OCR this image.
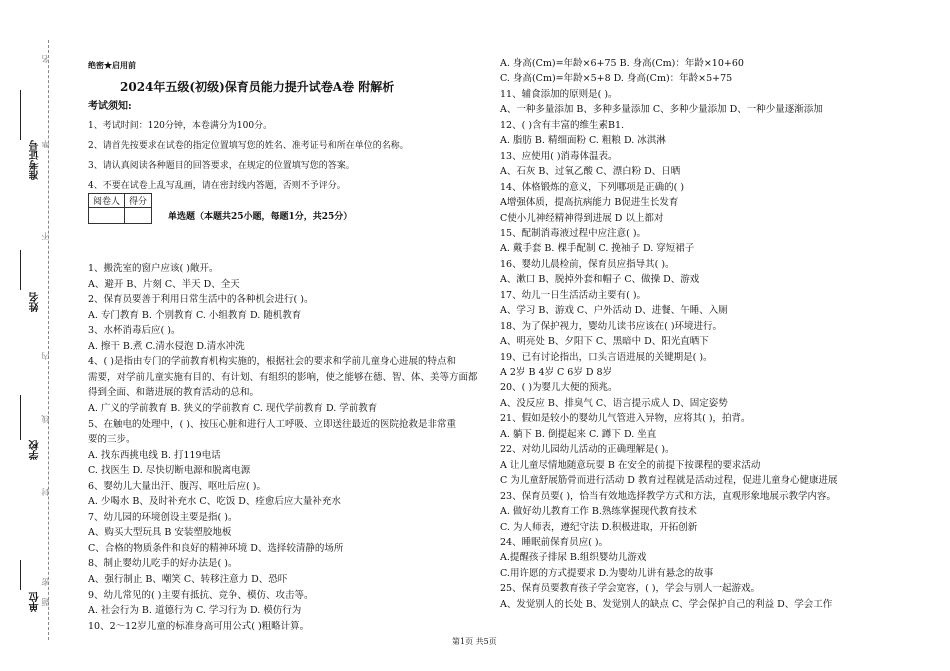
名
準
不
内
线
封
密
题
准考证号
姓名
学校
单位
绝密★启用前
2024年五级(初级)保育员能力提升试卷A卷 附解析
考试须知:
1、考试时间：120分钟，本卷满分为100分。
2、请首先按要求在试卷的指定位置填写您的姓名、准考证号和所在单位的名称。
3、请认真阅读各种题目的回答要求，在规定的位置填写您的答案。
4、不要在试卷上乱写乱画，请在密封线内答题，否则不予评分。
阅卷人	得分

单选题（本题共25小题，每题1分，共25分）
1、搬洗室的窗户应该( )敞开。
A、避开 B、片刻 C、半天 D、全天
2、保育员要善于利用日常生活中的各种机会进行( )。
A. 专门教育 B. 个别教育 C. 小组教育 D. 随机教育
3、水杯消毒后应( )。
A. 擦干 B.煮 C.清水侵泡 D.清水冲洗
4、( )是指由专门的学前教育机构实施的，根据社会的要求和学前儿童身心进展的特点和
需要，对学前儿童实施有目的、有计划、有组织的影响，使之能够在德、智、体、美等方面都
得到全面、和谐进展的教育活动的总和。
A. 广义的学前教育 B. 狭义的学前教育 C. 现代学前教育 D. 学前教育
5、在触电的处理中，( )、按压心脏和进行人工呼吸、立即送往最近的医院抢救是非常重
要的三步。
A. 找东西挑电线 B. 打119电话
C. 找医生 D. 尽快切断电源和脱离电源
6、婴幼儿大量出汗、腹泻、呕吐后应( )。
A. 少喝水 B、及时补充水 C、吃饭 D、痊愈后应大量补充水
7、幼儿园的环境创设主要是指( )。
A、购买大型玩具 B 安装塑胶地板
C、合格的物质条件和良好的精神环境 D、选择较清静的场所
8、制止婴幼儿吃手的好办法是( )。
A、强行制止 B、嘲笑 C、转移注意力 D、恐吓
9、幼儿常见的( )主要有抵抗、竞争、模仿、攻击等。
A. 社会行为 B. 道德行为 C. 学习行为 D. 模仿行为
10、2～12岁儿童的标准身高可用公式( )粗略计算。
A. 身高(Cm)=年龄×6+75 B. 身高(Cm)：年龄×10+60
C. 身高(Cm)=年龄×5+8 D. 身高(Cm)：年龄×5+75
11、辅食添加的原则是( )。
A、一种多量添加 B、多种多量添加 C、多种少量添加 D、一种少量逐渐添加
12、( )含有丰富的维生素B1.
A. 脂肪 B. 精细面粉 C. 粗粮 D. 冰淇淋
13、应使用( )消毒体温表。
A、石灰 B、过氧乙酸 C、漂白粉 D、日晒
14、体格锻炼的意义，下列哪项是正确的( )
A增强体质，提高抗病能力 B促进生长发育
C使小儿神经精神得到进展 D 以上都对
15、配制消毒液过程中应注意( )。
A. 戴手套 B. 棵手配制 C. 挽袖子 D. 穿短裙子
16、婴幼儿晨检前，保育员应指导其( )。
A、漱口 B、脱掉外套和帽子 C、做操 D、游戏
17、幼儿一日生活活动主要有( )。
A、学习 B、游戏 C、户外活动 D、进餐、午睡、入厕
18、为了保护视力，婴幼儿读书应该在( )环境进行。
A、明亮处 B、夕阳下 C、黑暗中 D、阳光直晒下
19、已有讨论指出，口头言语进展的关键期是( )。
A 2岁 B 4岁 C 6岁 D 8岁
20、( )为婴儿大便的预兆。
A、没反应 B、排臭气 C、语言提示成人 D、固定姿势
21、假如是较小的婴幼儿气管进入异物，应将其( )，拍背。
A. 躺下 B. 倒提起来 C. 蹲下 D. 坐直
22、对幼儿园幼儿活动的正确理解是( )。
A 让儿童尽情地随意玩耍 B 在安全的前提下按课程的要求活动
C 为儿童舒展筋骨而进行活动 D 教育过程就是活动过程，促进儿童身心健康进展
23、保育员要( )，恰当有效地选择教学方式和方法，直观形象地展示教学内容。
A. 做好幼儿教育工作 B.熟练掌握现代教育技术
C. 为人师表，遵纪守法 D.积极进取，开拓创新
24、睡眠前保育员应( )。
A.提醒孩子排尿 B.组织婴幼儿游戏
C.用许愿的方式提要求 D.为婴幼儿讲有悬念的故事
25、保育员要教育孩子学会宽容，( )，学会与别人一起游戏。
A、发觉别人的长处 B、发觉别人的缺点 C、学会保护自己的利益 D、学会工作
第1页 共5页
